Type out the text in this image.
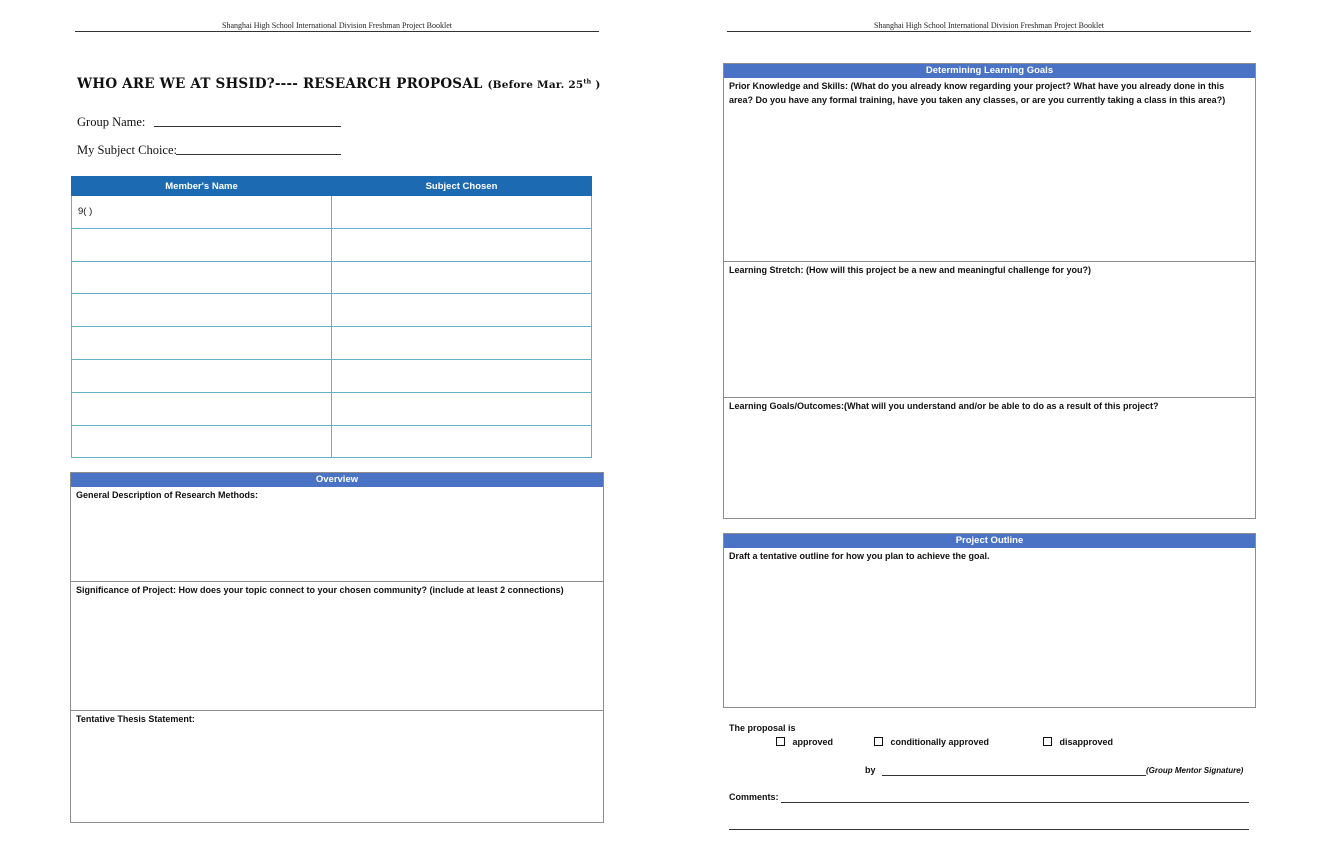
Shanghai High School International Division Freshman Project Booklet
WHO ARE WE AT SHSID?---- RESEARCH PROPOSAL (Before Mar. 25th )
Group Name:
My Subject Choice:
Member's Name	Subject Chosen
9( )	

Overview
General Description of Research Methods:
Significance of Project: How does your topic connect to your chosen community? (include at least 2 connections)
Tentative Thesis Statement:
Shanghai High School International Division Freshman Project Booklet
Determining Learning Goals
Prior Knowledge and Skills: (What do you already know regarding your project? What have you already done in this area? Do you have any formal training, have you taken any classes, or are you currently taking a class in this area?)
Learning Stretch: (How will this project be a new and meaningful challenge for you?)
Learning Goals/Outcomes:(What will you understand and/or be able to do as a result of this project?
Project Outline
Draft a tentative outline for how you plan to achieve the goal.
The proposal is
approved	conditionally approved	disapproved
by	(Group Mentor Signature)
Comments:
